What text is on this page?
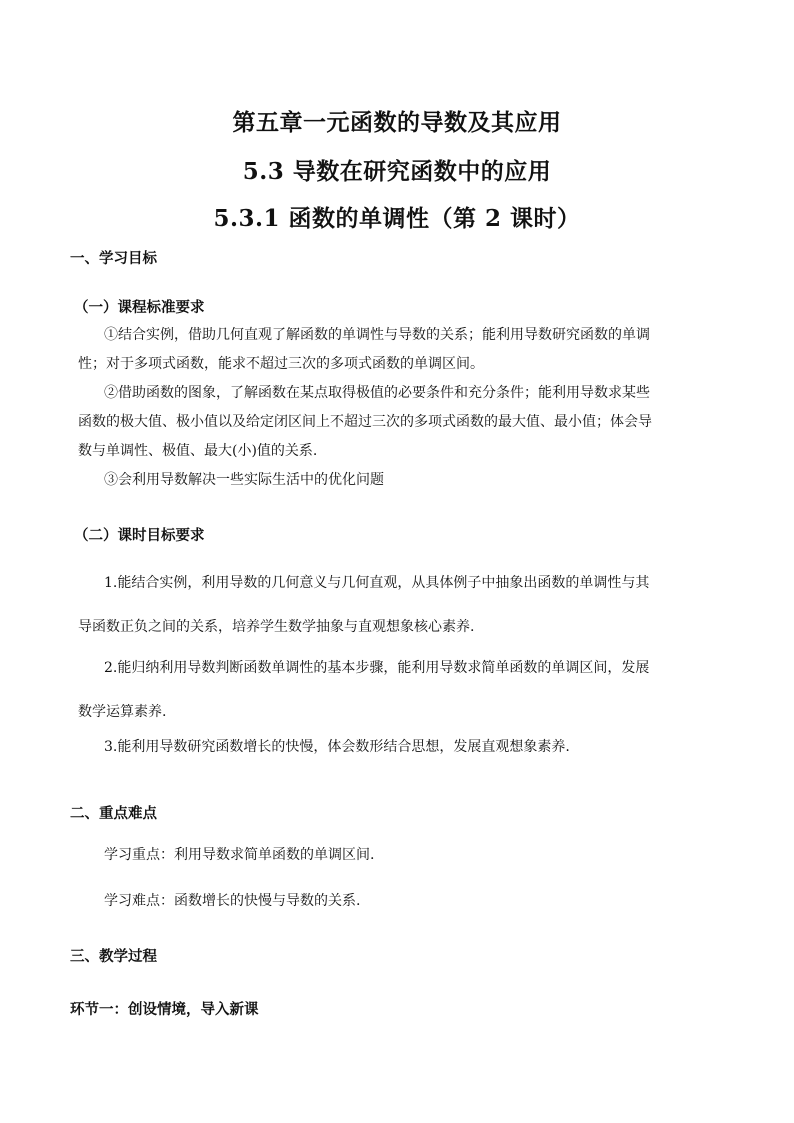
第五章一元函数的导数及其应用
5.3 导数在研究函数中的应用
5.3.1 函数的单调性（第 2 课时）
一、学习目标
（一）课程标准要求
①结合实例，借助几何直观了解函数的单调性与导数的关系；能利用导数研究函数的单调
性；对于多项式函数，能求不超过三次的多项式函数的单调区间。
②借助函数的图象，了解函数在某点取得极值的必要条件和充分条件；能利用导数求某些
函数的极大值、极小值以及给定闭区间上不超过三次的多项式函数的最大值、最小值；体会导
数与单调性、极值、最大(小)值的关系.
③会利用导数解决一些实际生活中的优化问题
（二）课时目标要求
1.能结合实例，利用导数的几何意义与几何直观，从具体例子中抽象出函数的单调性与其
导函数正负之间的关系，培养学生数学抽象与直观想象核心素养.
2.能归纳利用导数判断函数单调性的基本步骤，能利用导数求简单函数的单调区间，发展
数学运算素养.
3.能利用导数研究函数增长的快慢，体会数形结合思想，发展直观想象素养.
二、重点难点
学习重点：利用导数求简单函数的单调区间.
学习难点：函数增长的快慢与导数的关系.
三、教学过程
环节一：创设情境，导入新课
